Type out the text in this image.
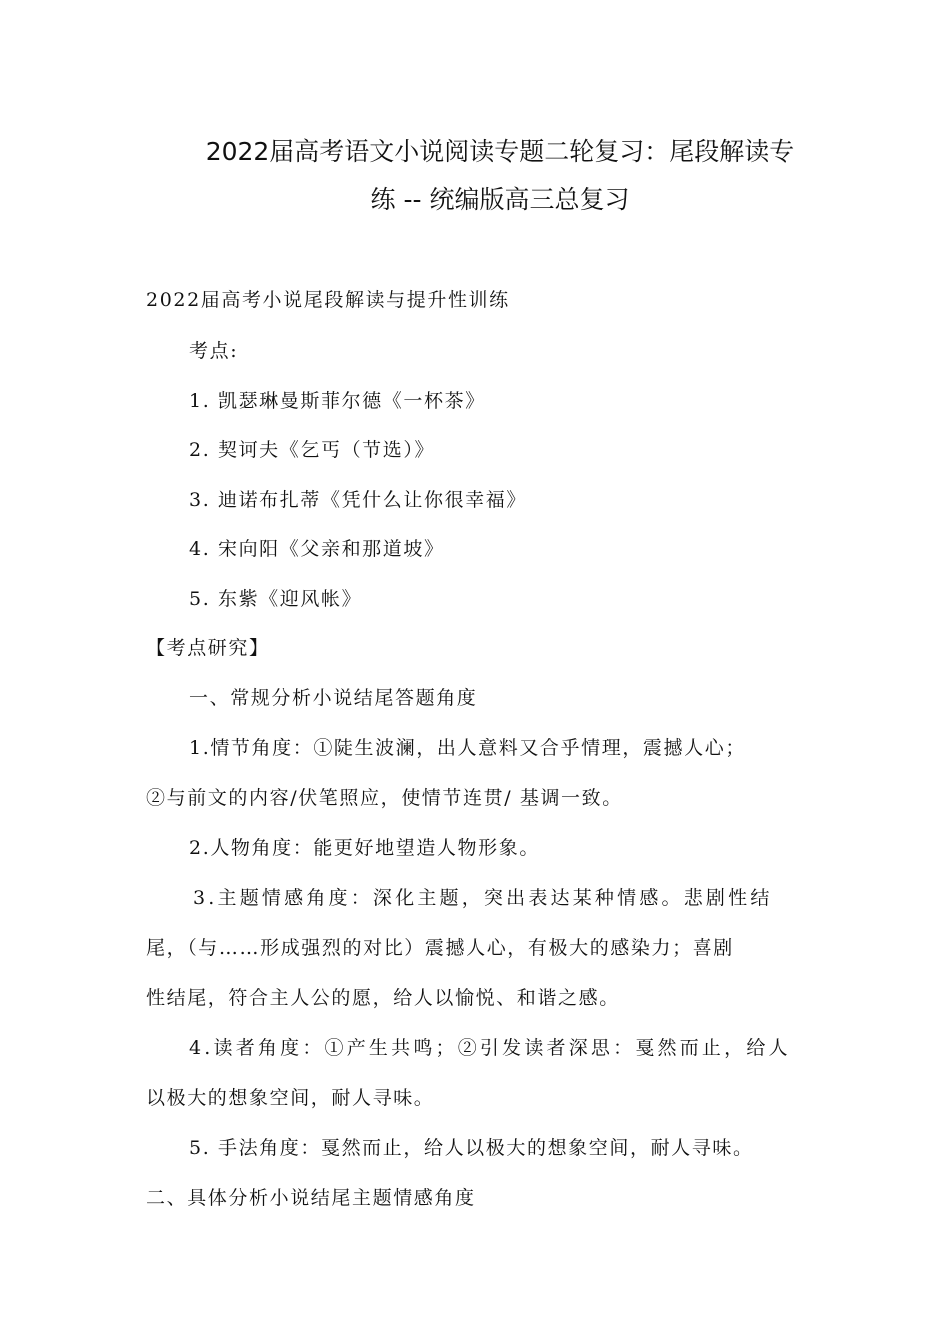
2022届高考语文小说阅读专题二轮复习：尾段解读专
练 -- 统编版高三总复习
2022届高考小说尾段解读与提升性训练
考点:
1. 凯瑟琳曼斯菲尔德《一杯茶》
2. 契诃夫《乞丐（节选）》
3. 迪诺布扎蒂《凭什么让你很幸福》
4. 宋向阳《父亲和那道坡》
5. 东紫《迎风帐》
【考点研究】
一、常规分析小说结尾答题角度
1.情节角度：①陡生波澜，出人意料又合乎情理，震撼人心；
②与前文的内容/伏笔照应，使情节连贯/ 基调一致。
2.人物角度：能更好地望造人物形象。
3.主题情感角度：深化主题，突出表达某种情感。悲剧性结
尾，（与……形成强烈的对比）震撼人心，有极大的感染力；喜剧
性结尾，符合主人公的愿，给人以愉悦、和谐之感。
4.读者角度：①产生共鸣；②引发读者深思：戛然而止，给人
以极大的想象空间，耐人寻味。
5. 手法角度：戛然而止，给人以极大的想象空间，耐人寻味。
二、具体分析小说结尾主题情感角度
